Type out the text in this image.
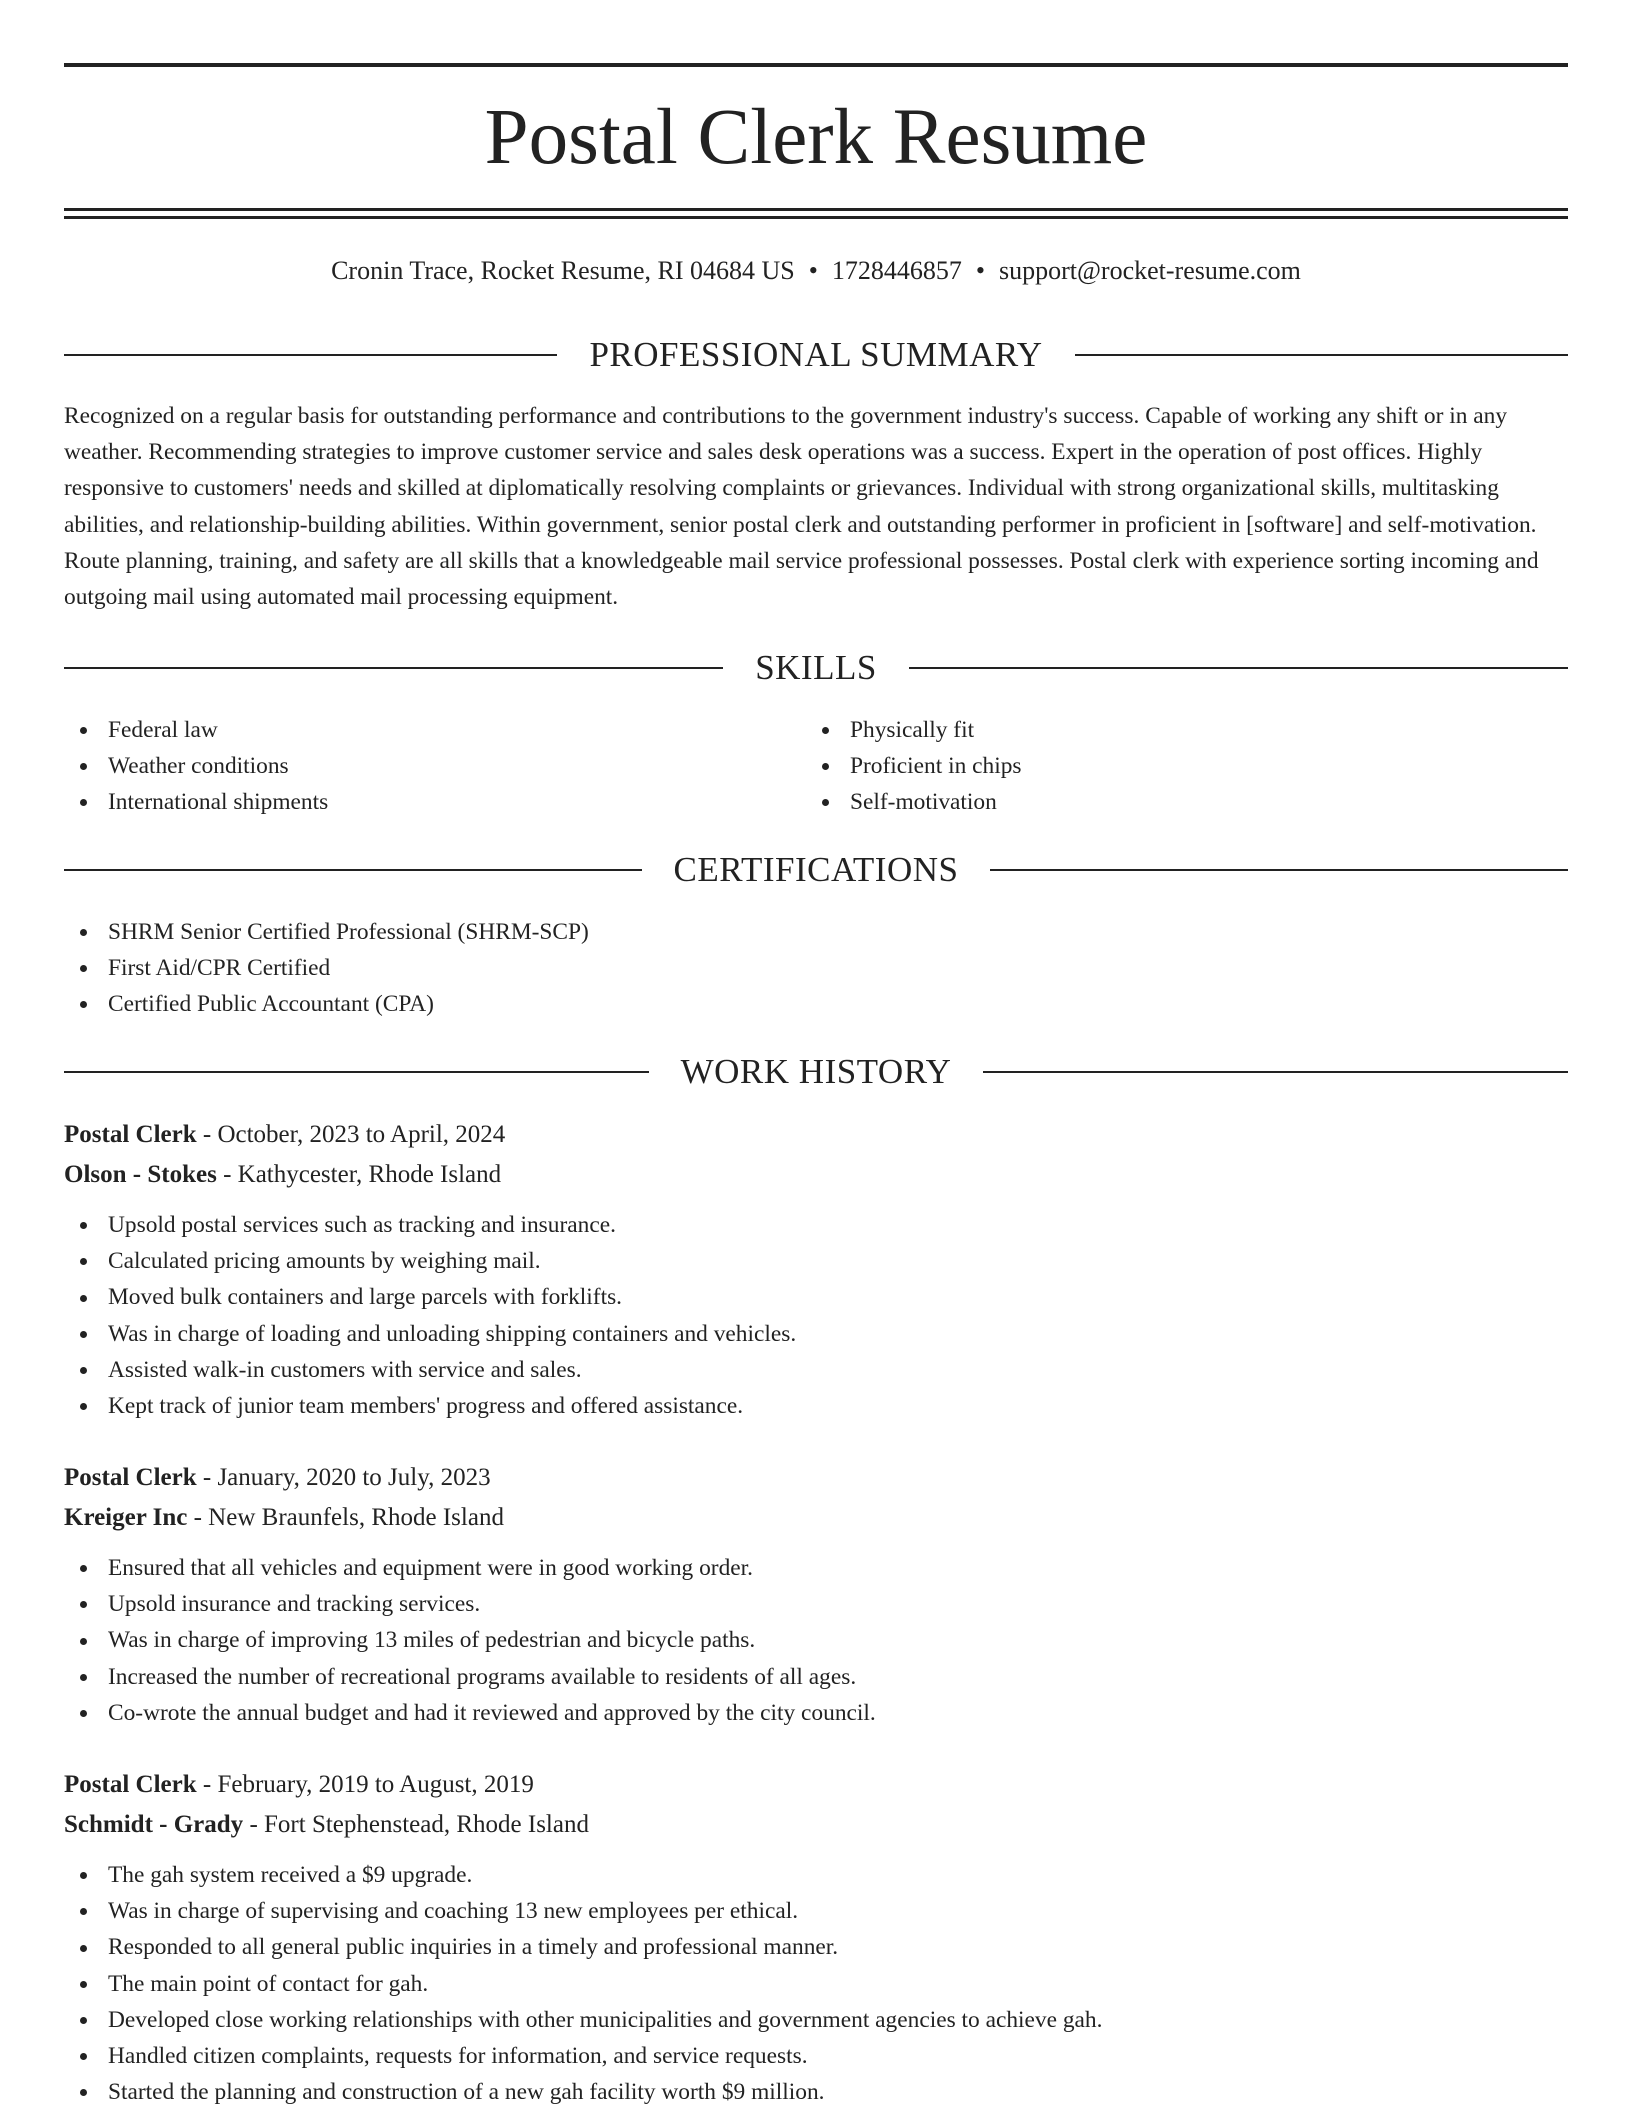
Postal Clerk Resume
Cronin Trace, Rocket Resume, RI 04684 US • 1728446857 • support@rocket-resume.com
PROFESSIONAL SUMMARY

Recognized on a regular basis for outstanding performance and contributions to the government industry's success. Capable of working any shift or in any weather. Recommending strategies to improve customer service and sales desk operations was a success. Expert in the operation of post offices. Highly responsive to customers' needs and skilled at diplomatically resolving complaints or grievances. Individual with strong organizational skills, multitasking abilities, and relationship-building abilities. Within government, senior postal clerk and outstanding performer in proficient in [software] and self-motivation. Route planning, training, and safety are all skills that a knowledgeable mail service professional possesses. Postal clerk with experience sorting incoming and outgoing mail using automated mail processing equipment.

SKILLS
Federal law
Weather conditions
International shipments
Physically fit
Proficient in chips
Self-motivation
CERTIFICATIONS
SHRM Senior Certified Professional (SHRM-SCP)
First Aid/CPR Certified
Certified Public Accountant (CPA)
WORK HISTORY
Postal Clerk - October, 2023 to April, 2024
Olson - Stokes - Kathycester, Rhode Island
Upsold postal services such as tracking and insurance.
Calculated pricing amounts by weighing mail.
Moved bulk containers and large parcels with forklifts.
Was in charge of loading and unloading shipping containers and vehicles.
Assisted walk-in customers with service and sales.
Kept track of junior team members' progress and offered assistance.
Postal Clerk - January, 2020 to July, 2023
Kreiger Inc - New Braunfels, Rhode Island
Ensured that all vehicles and equipment were in good working order.
Upsold insurance and tracking services.
Was in charge of improving 13 miles of pedestrian and bicycle paths.
Increased the number of recreational programs available to residents of all ages.
Co-wrote the annual budget and had it reviewed and approved by the city council.
Postal Clerk - February, 2019 to August, 2019
Schmidt - Grady - Fort Stephenstead, Rhode Island
The gah system received a $9 upgrade.
Was in charge of supervising and coaching 13 new employees per ethical.
Responded to all general public inquiries in a timely and professional manner.
The main point of contact for gah.
Developed close working relationships with other municipalities and government agencies to achieve gah.
Handled citizen complaints, requests for information, and service requests.
Started the planning and construction of a new gah facility worth $9 million.
